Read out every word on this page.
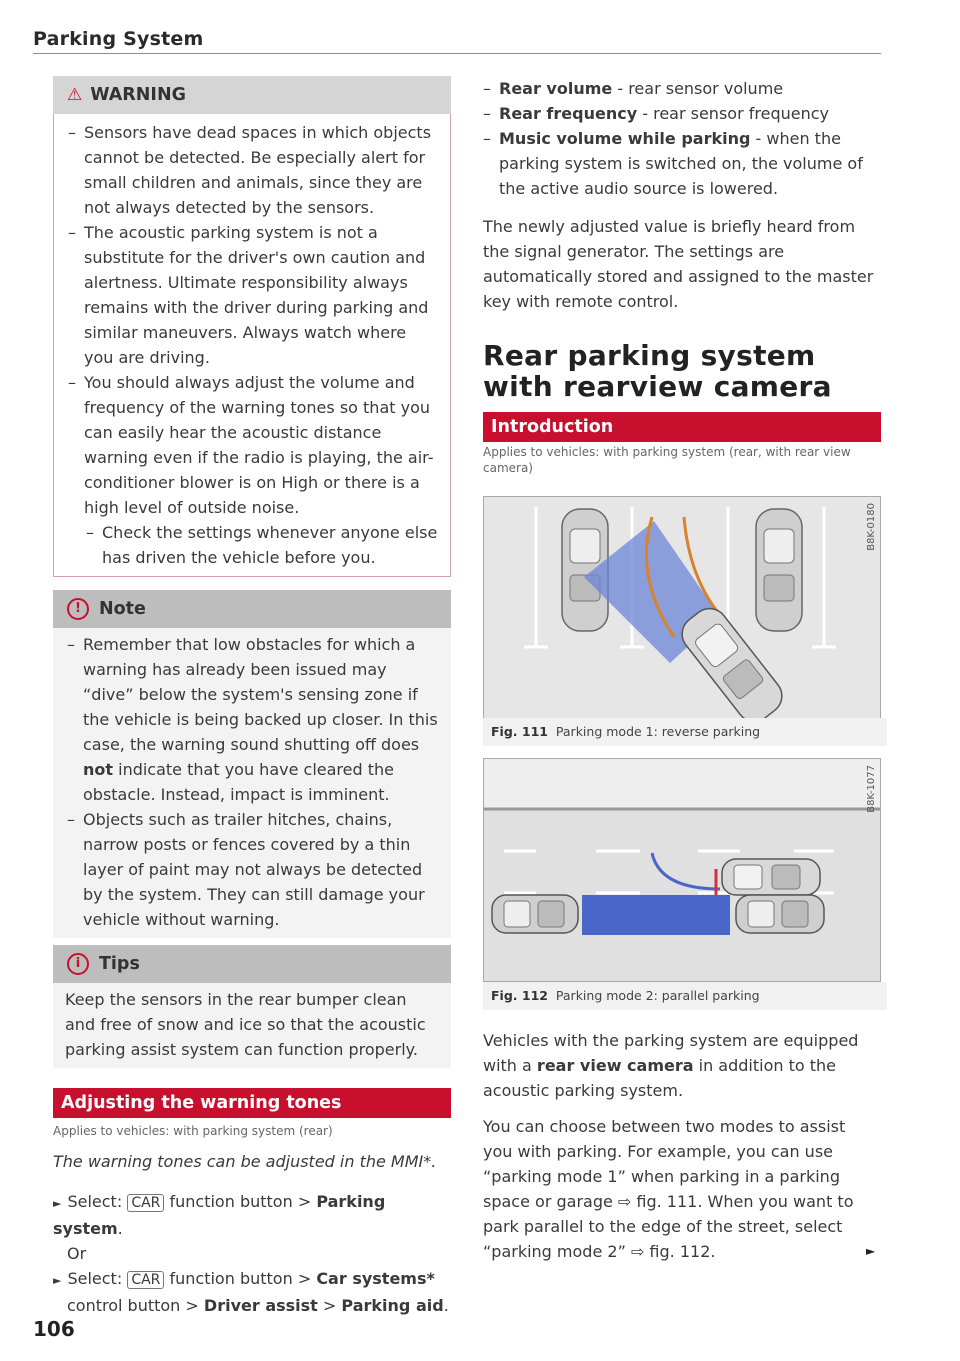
Parking System
⚠ WARNING
– Sensors have dead spaces in which objects cannot be detected. Be especially alert for small children and animals, since they are not always detected by the sensors.
– The acoustic parking system is not a substitute for the driver's own caution and alertness. Ultimate responsibility always remains with the driver during parking and similar maneuvers. Always watch where you are driving.
– You should always adjust the volume and frequency of the warning tones so that you can easily hear the acoustic distance warning even if the radio is playing, the air-conditioner blower is on High or there is a high level of outside noise.
– Check the settings whenever anyone else has driven the vehicle before you.
!	Note
– Remember that low obstacles for which a warning has already been issued may “dive” below the system's sensing zone if the vehicle is being backed up closer. In this case, the warning sound shutting off does not indicate that you have cleared the obstacle. Instead, impact is imminent.
– Objects such as trailer hitches, chains, narrow posts or fences covered by a thin layer of paint may not always be detected by the system. They can still damage your vehicle without warning.
i	Tips
Keep the sensors in the rear bumper clean and free of snow and ice so that the acoustic parking assist system can function properly.
Adjusting the warning tones
Applies to vehicles: with parking system (rear)
The warning tones can be adjusted in the MMI*.
► Select: CAR function button > Parking system.
Or
► Select: CAR function button > Car systems*
control button > Driver assist > Parking aid.
106
– Rear volume - rear sensor volume
– Rear frequency - rear sensor frequency
– Music volume while parking - when the parking system is switched on, the volume of the active audio source is lowered.
The newly adjusted value is briefly heard from the signal generator. The settings are automatically stored and assigned to the master key with remote control.
Rear parking system with rearview camera
Introduction
Applies to vehicles: with parking system (rear, with rear view camera)
B8K-0180
Fig. 111 Parking mode 1: reverse parking
B8K-1077
Fig. 112 Parking mode 2: parallel parking
Vehicles with the parking system are equipped with a rear view camera in addition to the acoustic parking system.
You can choose between two modes to assist you with parking. For example, you can use “parking mode 1” when parking in a parking space or garage ⇨ fig. 111. When you want to park parallel to the edge of the street, select “parking mode 2” ⇨ fig. 112.	►
